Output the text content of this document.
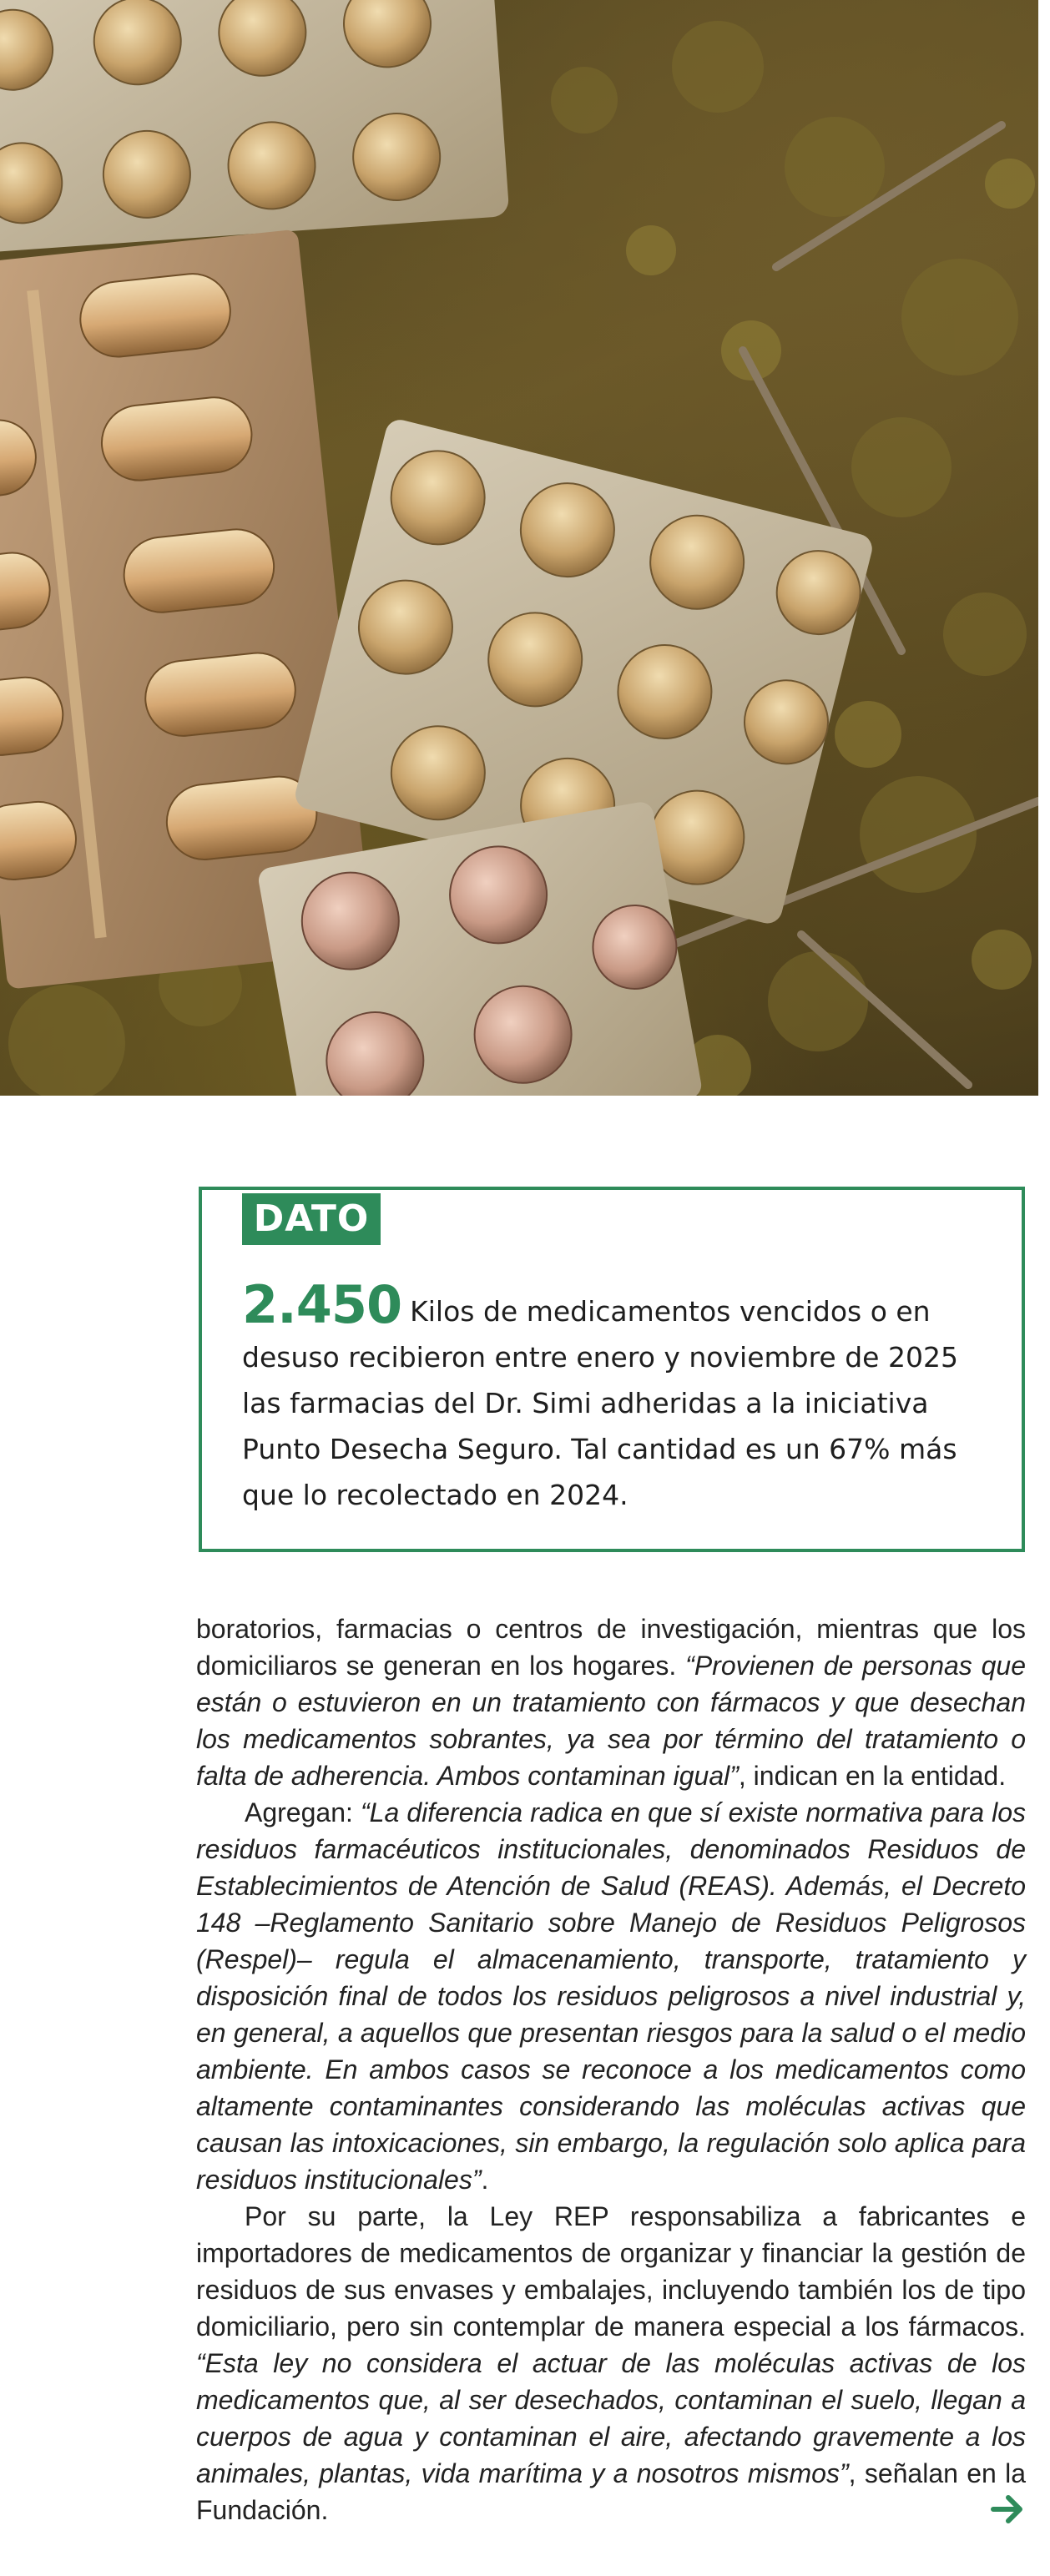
DATO
2.450 Kilos de medicamentos vencidos o en desuso recibieron entre enero y noviembre de 2025 las farmacias del Dr. Simi adheridas a la iniciativa Punto Desecha Seguro. Tal cantidad es un 67% más que lo recolectado en 2024.

boratorios, farmacias o centros de investigación, mientras que los domiciliaros se generan en los hogares. “Provienen de personas que están o estuvieron en un tratamiento con fármacos y que desechan los medicamentos sobrantes, ya sea por término del tratamiento o falta de adherencia. Ambos contaminan igual”, indican en la entidad.

Agregan: “La diferencia radica en que sí existe normativa para los residuos farmacéuticos institucionales, denominados Residuos de Establecimientos de Atención de Salud (REAS). Además, el Decreto 148 –Reglamento Sanitario sobre Manejo de Residuos Peligrosos (Respel)– regula el almacenamiento, transporte, tratamiento y disposición final de todos los residuos peligrosos a nivel industrial y, en general, a aquellos que presentan riesgos para la salud o el medio ambiente. En ambos casos se reconoce a los medicamentos como altamente contaminantes considerando las moléculas activas que causan las intoxicaciones, sin embargo, la regulación solo aplica para residuos institucionales”.

Por su parte, la Ley REP responsabiliza a fabricantes e importadores de medicamentos de organizar y financiar la gestión de residuos de sus envases y embalajes, incluyendo también los de tipo domiciliario, pero sin contemplar de manera especial a los fármacos. “Esta ley no considera el actuar de las moléculas activas de los medicamentos que, al ser desechados, contaminan el suelo, llegan a cuerpos de agua y contaminan el aire, afectando gravemente a los animales, plantas, vida marítima y a nosotros mismos”, señalan en la Fundación.
